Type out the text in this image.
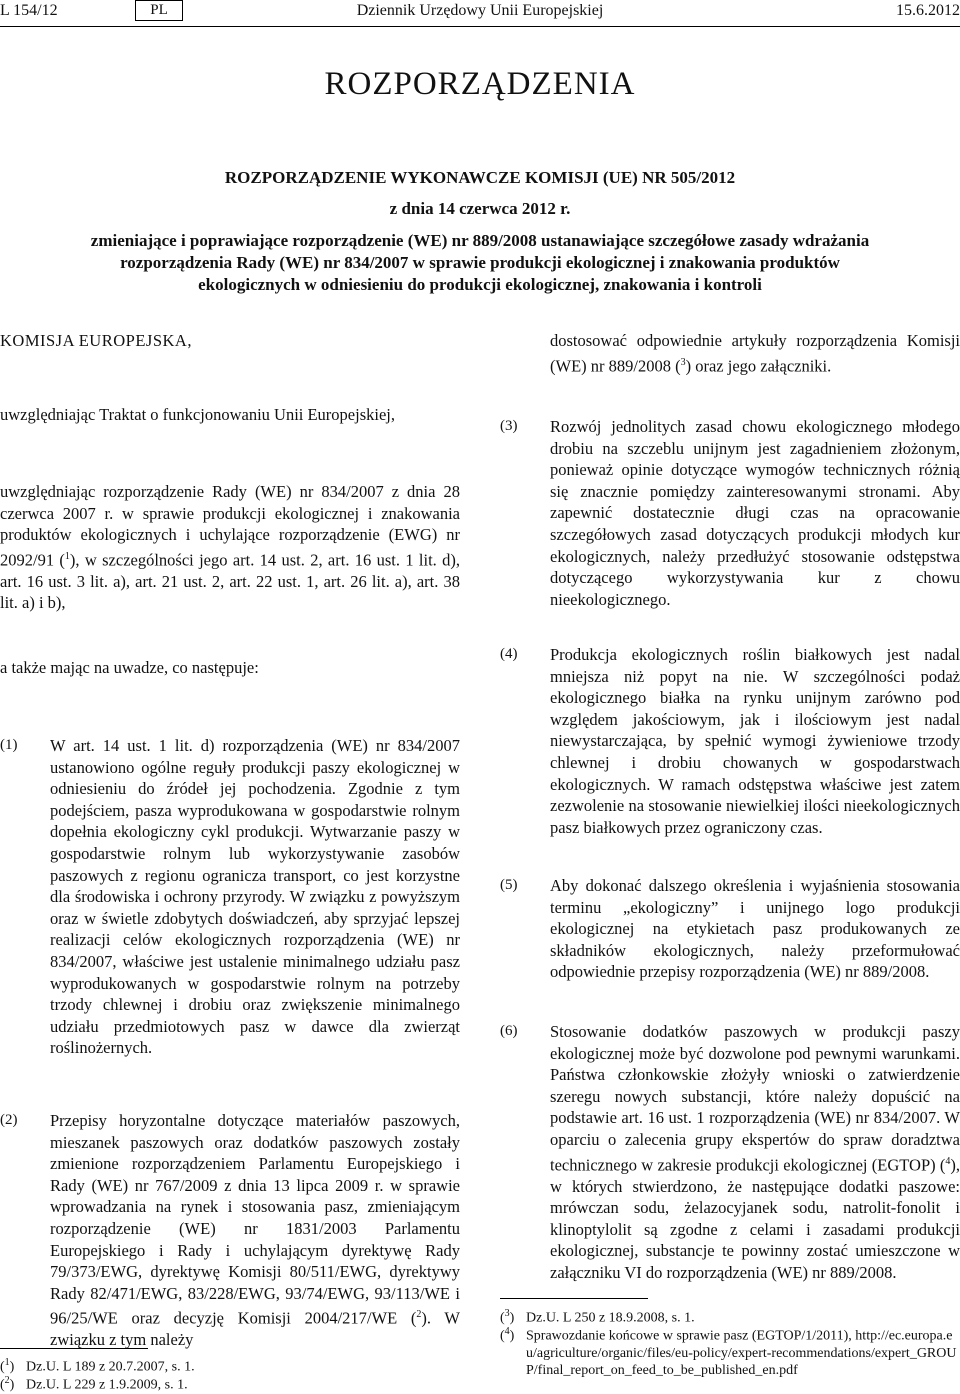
L 154/12	PL	Dziennik Urzędowy Unii Europejskiej	15.6.2012
ROZPORZĄDZENIA
ROZPORZĄDZENIE WYKONAWCZE KOMISJI (UE) NR 505/2012
z dnia 14 czerwca 2012 r.
zmieniające i poprawiające rozporządzenie (WE) nr 889/2008 ustanawiające szczegółowe zasady wdrażania rozporządzenia Rady (WE) nr 834/2007 w sprawie produkcji ekologicznej i znakowania produktów ekologicznych w odniesieniu do produkcji ekologicznej, znakowania i kontroli
KOMISJA EUROPEJSKA,
uwzględniając Traktat o funkcjonowaniu Unii Europejskiej,
uwzględniając rozporządzenie Rady (WE) nr 834/2007 z dnia 28 czerwca 2007 r. w sprawie produkcji ekologicznej i znakowania produktów ekologicznych i uchylające rozporządzenie (EWG) nr 2092/91 ($^1$), w szczególności jego art. 14 ust. 2, art. 16 ust. 1 lit. d), art. 16 ust. 3 lit. a), art. 21 ust. 2, art. 22 ust. 1, art. 26 lit. a), art. 38 lit. a) i b),
a także mając na uwadze, co następuje:
(1) W art. 14 ust. 1 lit. d) rozporządzenia (WE) nr 834/2007 ustanowiono ogólne reguły produkcji paszy ekologicznej w odniesieniu do źródeł jej pochodzenia. Zgodnie z tym podejściem, pasza wyprodukowana w gospodarstwie rolnym dopełnia ekologiczny cykl produkcji. Wytwarzanie paszy w gospodarstwie rolnym lub wykorzystywanie zasobów paszowych z regionu ogranicza transport, co jest korzystne dla środowiska i ochrony przyrody. W związku z powyższym oraz w świetle zdobytych doświadczeń, aby sprzyjać lepszej realizacji celów ekologicznych rozporządzenia (WE) nr 834/2007, właściwe jest ustalenie minimalnego udziału pasz wyprodukowanych w gospodarstwie rolnym na potrzeby trzody chlewnej i drobiu oraz zwiększenie minimalnego udziału przedmiotowych pasz w dawce dla zwierząt roślinożernych.
(2) Przepisy horyzontalne dotyczące materiałów paszowych, mieszanek paszowych oraz dodatków paszowych zostały zmienione rozporządzeniem Parlamentu Europejskiego i Rady (WE) nr 767/2009 z dnia 13 lipca 2009 r. w sprawie wprowadzania na rynek i stosowania pasz, zmieniającym rozporządzenie (WE) nr 1831/2003 Parlamentu Europejskiego i Rady i uchylającym dyrektywę Rady 79/373/EWG, dyrektywę Komisji 80/511/EWG, dyrektywy Rady 82/471/EWG, 83/228/EWG, 93/74/EWG, 93/113/WE i 96/25/WE oraz decyzję Komisji 2004/217/WE ($^2$). W związku z tym należy
($^1$) Dz.U. L 189 z 20.7.2007, s. 1.
($^2$) Dz.U. L 229 z 1.9.2009, s. 1.
dostosować odpowiednie artykuły rozporządzenia Komisji (WE) nr 889/2008 ($^3$) oraz jego załączniki.
(3) Rozwój jednolitych zasad chowu ekologicznego młodego drobiu na szczeblu unijnym jest zagadnieniem złożonym, ponieważ opinie dotyczące wymogów technicznych różnią się znacznie pomiędzy zainteresowanymi stronami. Aby zapewnić dostatecznie długi czas na opracowanie szczegółowych zasad dotyczących produkcji młodych kur ekologicznych, należy przedłużyć stosowanie odstępstwa dotyczącego wykorzystywania kur z chowu nieekologicznego.
(4) Produkcja ekologicznych roślin białkowych jest nadal mniejsza niż popyt na nie. W szczególności podaż ekologicznego białka na rynku unijnym zarówno pod względem jakościowym, jak i ilościowym jest nadal niewystarczająca, by spełnić wymogi żywieniowe trzody chlewnej i drobiu chowanych w gospodarstwach ekologicznych. W ramach odstępstwa właściwe jest zatem zezwolenie na stosowanie niewielkiej ilości nieekologicznych pasz białkowych przez ograniczony czas.
(5) Aby dokonać dalszego określenia i wyjaśnienia stosowania terminu „ekologiczny” i unijnego logo produkcji ekologicznej na etykietach pasz produkowanych ze składników ekologicznych, należy przeformułować odpowiednie przepisy rozporządzenia (WE) nr 889/2008.
(6) Stosowanie dodatków paszowych w produkcji paszy ekologicznej może być dozwolone pod pewnymi warunkami. Państwa członkowskie złożyły wnioski o zatwierdzenie szeregu nowych substancji, które należy dopuścić na podstawie art. 16 ust. 1 rozporządzenia (WE) nr 834/2007. W oparciu o zalecenia grupy ekspertów do spraw doradztwa technicznego w zakresie produkcji ekologicznej (EGTOP) ($^4$), w których stwierdzono, że następujące dodatki paszowe: mrówczan sodu, żelazocyjanek sodu, natrolit-fonolit i klinoptylolit są zgodne z celami i zasadami produkcji ekologicznej, substancje te powinny zostać umieszczone w załączniku VI do rozporządzenia (WE) nr 889/2008.
($^3$) Dz.U. L 250 z 18.9.2008, s. 1.
($^4$) Sprawozdanie końcowe w sprawie pasz (EGTOP/1/2011), http://ec.europa.eu/agriculture/organic/files/eu-policy/expert-recommendations/expert_GROUP/final_report_on_feed_to_be_published_en.pdf
